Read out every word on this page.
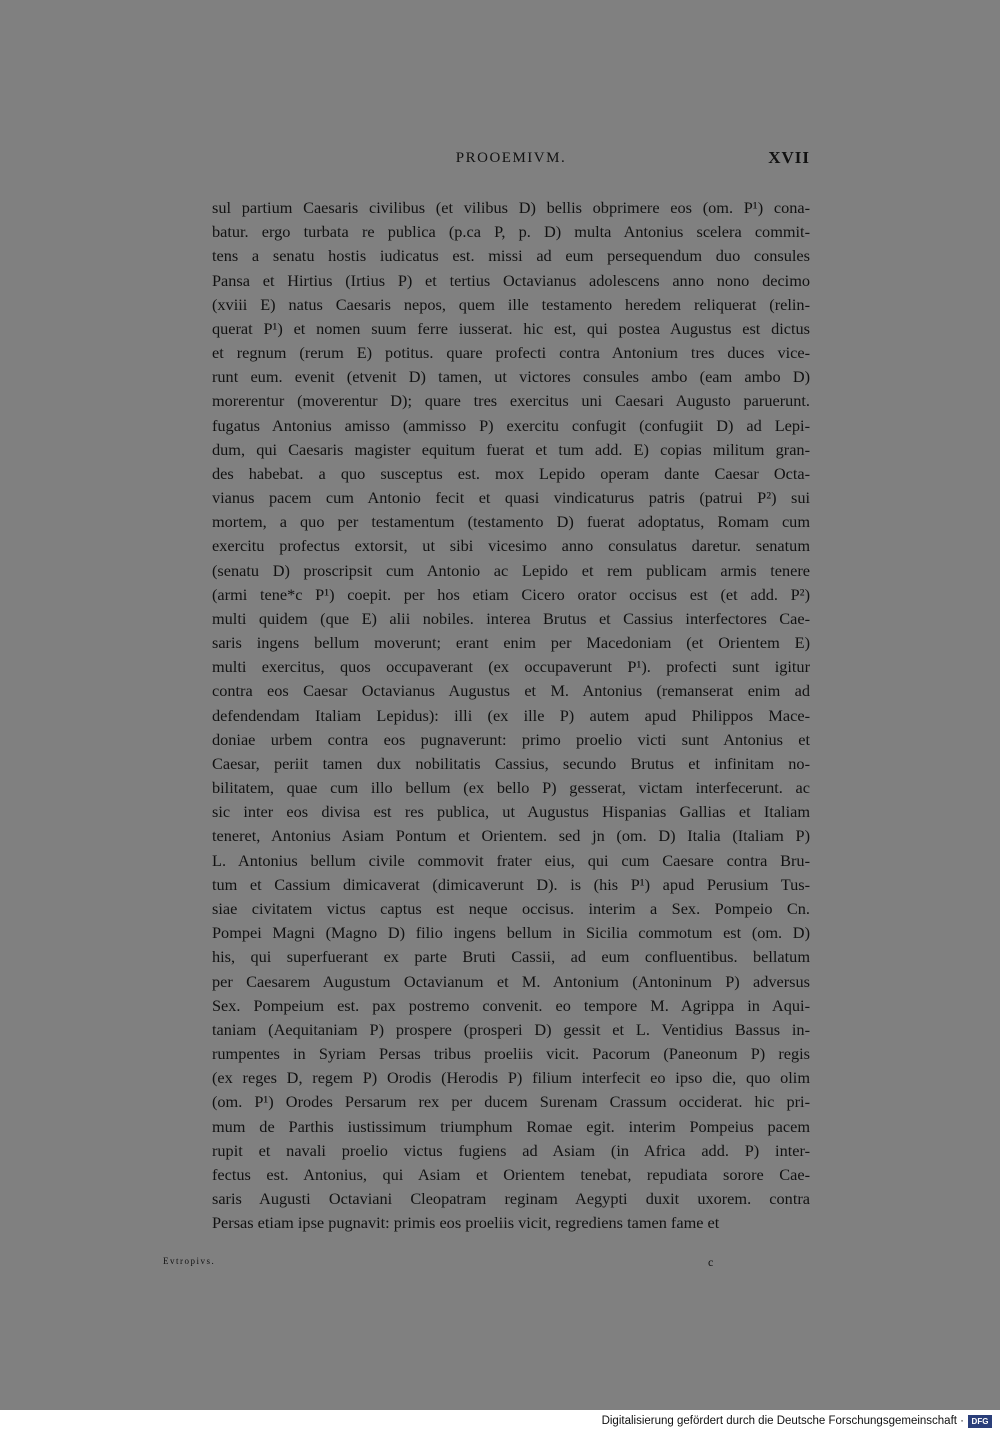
PROOEMIVM.	XVII
sul partium Caesaris civilibus (et vilibus D) bellis obprimere eos (om. P¹) cona-
batur. ergo turbata re publica (p.ca P, p. D) multa Antonius scelera commit-
tens a senatu hostis iudicatus est. missi ad eum persequendum duo consules
Pansa et Hirtius (Irtius P) et tertius Octavianus adolescens anno nono decimo
(xviii E) natus Caesaris nepos, quem ille testamento heredem reliquerat (relin-
querat P¹) et nomen suum ferre iusserat. hic est, qui postea Augustus est dictus
et regnum (rerum E) potitus. quare profecti contra Antonium tres duces vice-
runt eum. evenit (etvenit D) tamen, ut victores consules ambo (eam ambo D)
morerentur (moverentur D); quare tres exercitus uni Caesari Augusto paruerunt.
fugatus Antonius amisso (ammisso P) exercitu confugit (confugiit D) ad Lepi-
dum, qui Caesaris magister equitum fuerat et tum add. E) copias militum gran-
des habebat. a quo susceptus est. mox Lepido operam dante Caesar Octa-
vianus pacem cum Antonio fecit et quasi vindicaturus patris (patrui P²) sui
mortem, a quo per testamentum (testamento D) fuerat adoptatus, Romam cum
exercitu profectus extorsit, ut sibi vicesimo anno consulatus daretur. senatum
(senatu D) proscripsit cum Antonio ac Lepido et rem publicam armis tenere
(armi tene*c P¹) coepit. per hos etiam Cicero orator occisus est (et add. P²)
multi quidem (que E) alii nobiles. interea Brutus et Cassius interfectores Cae-
saris ingens bellum moverunt; erant enim per Macedoniam (et Orientem E)
multi exercitus, quos occupaverant (ex occupaverunt P¹). profecti sunt igitur
contra eos Caesar Octavianus Augustus et M. Antonius (remanserat enim ad
defendendam Italiam Lepidus): illi (ex ille P) autem apud Philippos Mace-
doniae urbem contra eos pugnaverunt: primo proelio victi sunt Antonius et
Caesar, periit tamen dux nobilitatis Cassius, secundo Brutus et infinitam no-
bilitatem, quae cum illo bellum (ex bello P) gesserat, victam interfecerunt. ac
sic inter eos divisa est res publica, ut Augustus Hispanias Gallias et Italiam
teneret, Antonius Asiam Pontum et Orientem. sed jn (om. D) Italia (Italiam P)
L. Antonius bellum civile commovit frater eius, qui cum Caesare contra Bru-
tum et Cassium dimicaverat (dimicaverunt D). is (his P¹) apud Perusium Tus-
siae civitatem victus captus est neque occisus. interim a Sex. Pompeio Cn.
Pompei Magni (Magno D) filio ingens bellum in Sicilia commotum est (om. D)
his, qui superfuerant ex parte Bruti Cassii, ad eum confluentibus. bellatum
per Caesarem Augustum Octavianum et M. Antonium (Antoninum P) adversus
Sex. Pompeium est. pax postremo convenit. eo tempore M. Agrippa in Aqui-
taniam (Aequitaniam P) prospere (prosperi D) gessit et L. Ventidius Bassus in-
rumpentes in Syriam Persas tribus proeliis vicit. Pacorum (Paneonum P) regis
(ex reges D, regem P) Orodis (Herodis P) filium interfecit eo ipso die, quo olim
(om. P¹) Orodes Persarum rex per ducem Surenam Crassum occiderat. hic pri-
mum de Parthis iustissimum triumphum Romae egit. interim Pompeius pacem
rupit et navali proelio victus fugiens ad Asiam (in Africa add. P) inter-
fectus est. Antonius, qui Asiam et Orientem tenebat, repudiata sorore Cae-
saris Augusti Octaviani Cleopatram reginam Aegypti duxit uxorem. contra
Persas etiam ipse pugnavit: primis eos proeliis vicit, regrediens tamen fame et
Evtropivs.	c
Digitalisierung gefördert durch die Deutsche Forschungsgemeinschaft · DFG
